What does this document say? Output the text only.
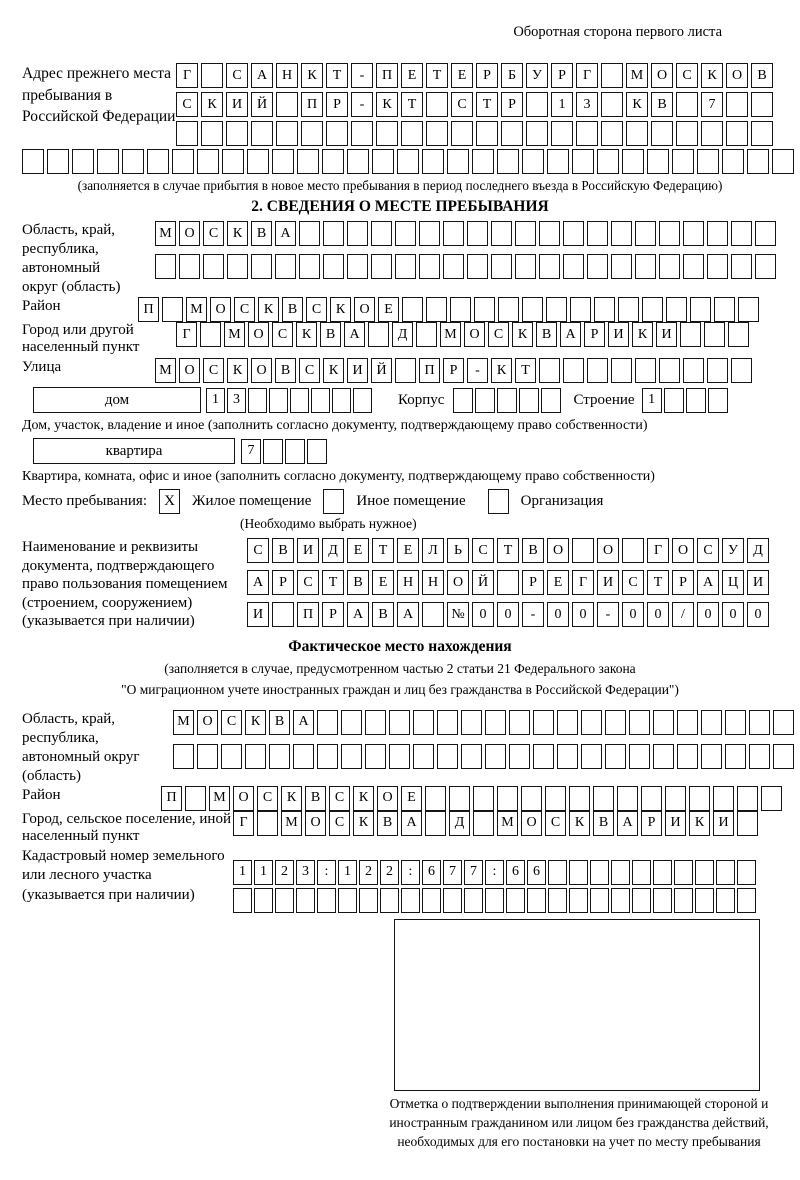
Оборотная сторона первого листа
Адрес прежнего места пребывания в Российской Федерации
Г	С	А	Н	К	Т	-	П	Е	Т	Е	Р	Б	У	Р	Г	М О	С	К	О	В
С	К	И	Й	П	Р	-	К	Т	С	Т	Р	1	3	К	В	7
(заполняется в случае прибытия в новое место пребывания в период последнего въезда в Российскую Федерацию)
2. СВЕДЕНИЯ О МЕСТЕ ПРЕБЫВАНИЯ
Область, край, республика, автономный округ (область)
М О	С	К	В	А
Район	П	М О	С	К	В	С	К	О	Е
Город или другой населенный пункт
Г	М О	С	К	В	А	Д	М О	С	К	В	А	Р	И	К	И
Улица	М О	С	К	О	В	С	К	И Й	П	Р	-	К	Т
дом	1	3	Корпус	Строение 1
Дом, участок, владение и иное (заполнить согласно документу, подтверждающему право собственности)
квартира	7
Квартира, комната, офис и иное (заполнить согласно документу, подтверждающему право собственности)
Место пребывания:	X	Жилое помещение	Иное помещение	Организация
(Необходимо выбрать нужное)
Наименование и реквизиты документа, подтверждающего право пользования помещением (строением, сооружением) (указывается при наличии)
С	В	И	Д	Е	Т	Е	Л	Ь	С	Т	В	О	О	Г	О	С	У	Д
А	Р	С	Т	В	Е	Н	Н	О	Й	Р	Е	Г	И	С	Т	Р	А	Ц	И
И	П	Р	А	В	А	№	0	0	-	0	0	-	0	0	/	0	0	0
Фактическое место нахождения
(заполняется в случае, предусмотренном частью 2 статьи 21 Федерального закона
"О миграционном учете иностранных граждан и лиц без гражданства в Российской Федерации")
Область, край, республика, автономный округ (область)
М О	С	К	В	А
Район	П	М О	С	К	В	С	К	О	Е
Город, сельское поселение, иной населенный пункт
Г	М О	С	К	В	А	Д	М О	С	К	В	А	Р	И	К	И
Кадастровый номер земельного или лесного участка (указывается при наличии)
1	1	2	3	:	1	2	2	:	6	7	7	:	6	6
Отметка о подтверждении выполнения принимающей стороной и иностранным гражданином или лицом без гражданства действий, необходимых для его постановки на учет по месту пребывания
